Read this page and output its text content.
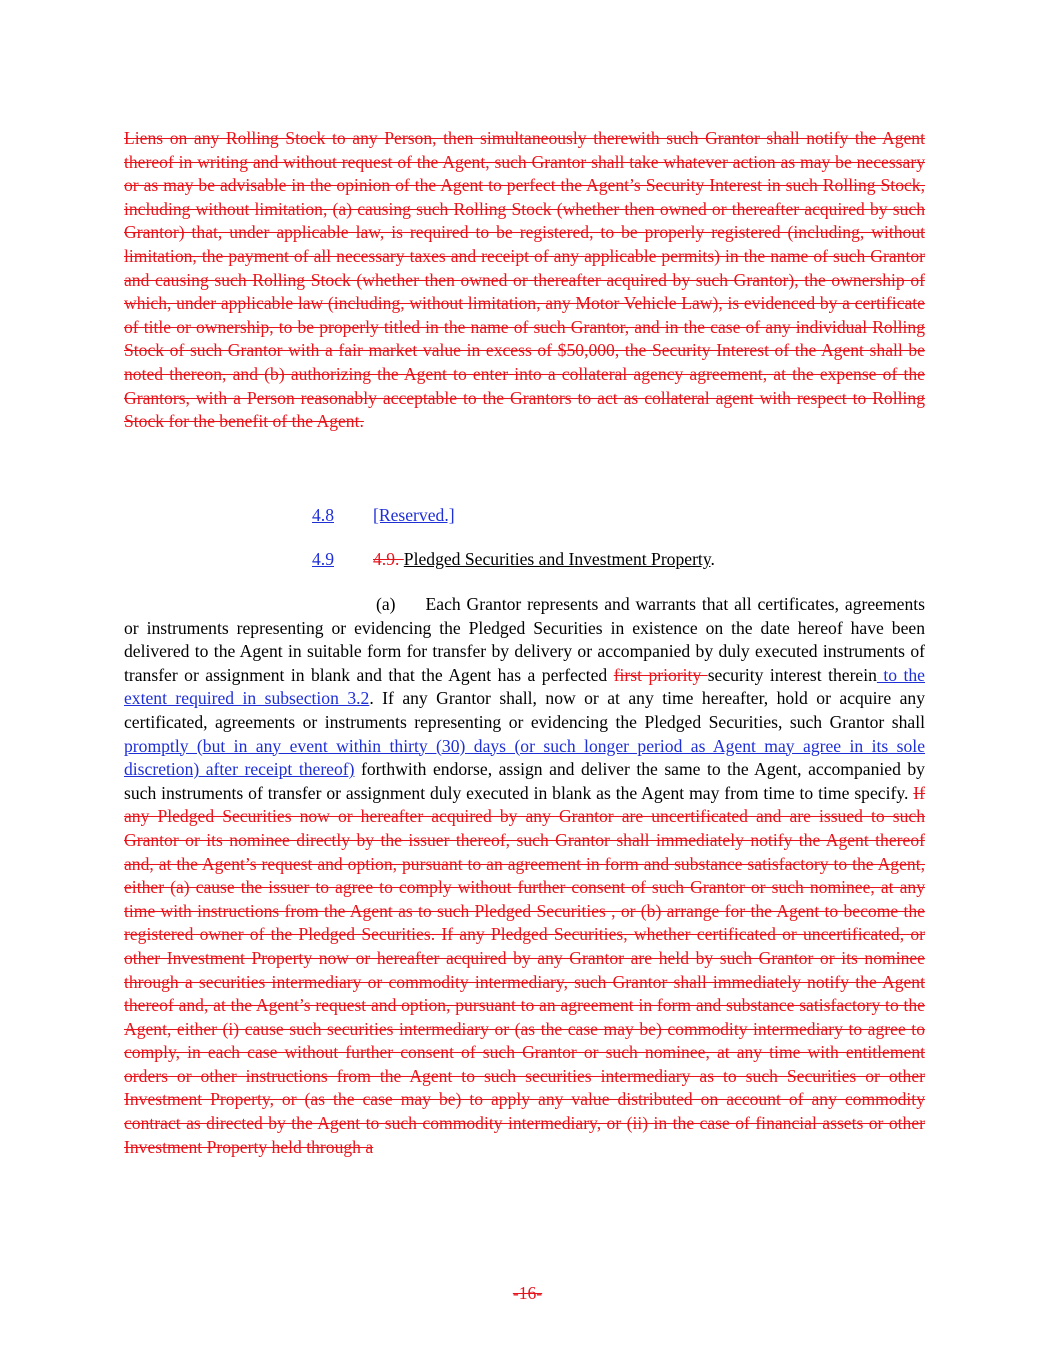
Liens on any Rolling Stock to any Person, then simultaneously therewith such Grantor shall notify the Agent thereof in writing and without request of the Agent, such Grantor shall take whatever action as may be necessary or as may be advisable in the opinion of the Agent to perfect the Agent’s Security Interest in such Rolling Stock, including without limitation, (a) causing such Rolling Stock (whether then owned or thereafter acquired by such Grantor) that, under applicable law, is required to be registered, to be properly registered (including, without limitation, the payment of all necessary taxes and receipt of any applicable permits) in the name of such Grantor and causing such Rolling Stock (whether then owned or thereafter acquired by such Grantor), the ownership of which, under applicable law (including, without limitation, any Motor Vehicle Law), is evidenced by a certificate of title or ownership, to be properly titled in the name of such Grantor, and in the case of any individual Rolling Stock of such Grantor with a fair market value in excess of $50,000, the Security Interest of the Agent shall be noted thereon, and (b) authorizing the Agent to enter into a collateral agency agreement, at the expense of the Grantors, with a Person reasonably acceptable to the Grantors to act as collateral agent with respect to Rolling Stock for the benefit of the Agent.

4.8 [Reserved.]
4.9 4.9. Pledged Securities and Investment Property.

(a) Each Grantor represents and warrants that all certificates, agreements or instruments representing or evidencing the Pledged Securities in existence on the date hereof have been delivered to the Agent in suitable form for transfer by delivery or accompanied by duly executed instruments of transfer or assignment in blank and that the Agent has a perfected first priority security interest therein to the extent required in subsection 3.2. If any Grantor shall, now or at any time hereafter, hold or acquire any certificated, agreements or instruments representing or evidencing the Pledged Securities, such Grantor shall promptly (but in any event within thirty (30) days (or such longer period as Agent may agree in its sole discretion) after receipt thereof) forthwith endorse, assign and deliver the same to the Agent, accompanied by such instruments of transfer or assignment duly executed in blank as the Agent may from time to time specify. If any Pledged Securities now or hereafter acquired by any Grantor are uncertificated and are issued to such Grantor or its nominee directly by the issuer thereof, such Grantor shall immediately notify the Agent thereof and, at the Agent’s request and option, pursuant to an agreement in form and substance satisfactory to the Agent, either (a) cause the issuer to agree to comply without further consent of such Grantor or such nominee, at any time with instructions from the Agent as to such Pledged Securities , or (b) arrange for the Agent to become the registered owner of the Pledged Securities. If any Pledged Securities, whether certificated or uncertificated, or other Investment Property now or hereafter acquired by any Grantor are held by such Grantor or its nominee through a securities intermediary or commodity intermediary, such Grantor shall immediately notify the Agent thereof and, at the Agent’s request and option, pursuant to an agreement in form and substance satisfactory to the Agent, either (i) cause such securities intermediary or (as the case may be) commodity intermediary to agree to comply, in each case without further consent of such Grantor or such nominee, at any time with entitlement orders or other instructions from the Agent to such securities intermediary as to such Securities or other Investment Property, or (as the case may be) to apply any value distributed on account of any commodity contract as directed by the Agent to such commodity intermediary, or (ii) in the case of financial assets or other Investment Property held through a

-16-
